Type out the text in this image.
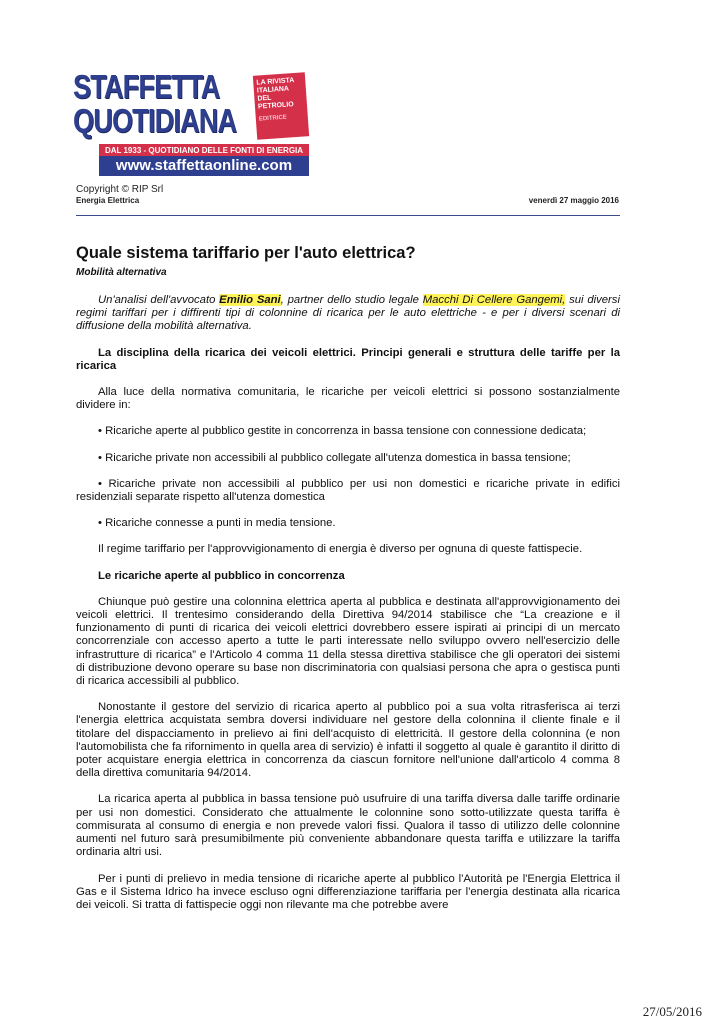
STAFFETTA
QUOTIDIANA
LA RIVISTA ITALIANA DEL PETROLIO
EDITRICE
DAL 1933 - QUOTIDIANO DELLE FONTI DI ENERGIA
www.staffettaonline.com
Copyright © RIP Srl
Energia Elettrica	venerdì 27 maggio 2016
Quale sistema tariffario per l'auto elettrica?
Mobilità alternativa

Un'analisi dell'avvocato Emilio Sani, partner dello studio legale Macchi Di Cellere Gangemi, sui diversi regimi tariffari per i diffirenti tipi di colonnine di ricarica per le auto elettriche - e per i diversi scenari di diffusione della mobilità alternativa.

La disciplina della ricarica dei veicoli elettrici. Principi generali e struttura delle tariffe per la ricarica

Alla luce della normativa comunitaria, le ricariche per veicoli elettrici si possono sostanzialmente dividere in:

• Ricariche aperte al pubblico gestite in concorrenza in bassa tensione con connessione dedicata;

• Ricariche private non accessibili al pubblico collegate all'utenza domestica in bassa tensione;

• Ricariche private non accessibili al pubblico per usi non domestici e ricariche private in edifici residenziali separate rispetto all'utenza domestica

• Ricariche connesse a punti in media tensione.

Il regime tariffario per l'approvvigionamento di energia è diverso per ognuna di queste fattispecie.

Le ricariche aperte al pubblico in concorrenza

Chiunque può gestire una colonnina elettrica aperta al pubblica e destinata all'approvvigionamento dei veicoli elettrici. Il trentesimo considerando della Direttiva 94/2014 stabilisce che “La creazione e il funzionamento di punti di ricarica dei veicoli elettrici dovrebbero essere ispirati ai principi di un mercato concorrenziale con accesso aperto a tutte le parti interessate nello sviluppo ovvero nell'esercizio delle infrastrutture di ricarica” e l'Articolo 4 comma 11 della stessa direttiva stabilisce che gli operatori dei sistemi di distribuzione devono operare su base non discriminatoria con qualsiasi persona che apra o gestisca punti di ricarica accessibili al pubblico.

Nonostante il gestore del servizio di ricarica aperto al pubblico poi a sua volta ritrasferisca ai terzi l'energia elettrica acquistata sembra doversi individuare nel gestore della colonnina il cliente finale e il titolare del dispacciamento in prelievo ai fini dell'acquisto di elettricità. Il gestore della colonnina (e non l'automobilista che fa rifornimento in quella area di servizio) è infatti il soggetto al quale è garantito il diritto di poter acquistare energia elettrica in concorrenza da ciascun fornitore nell'unione dall'articolo 4 comma 8 della direttiva comunitaria 94/2014.

La ricarica aperta al pubblica in bassa tensione può usufruire di una tariffa diversa dalle tariffe ordinarie per usi non domestici. Considerato che attualmente le colonnine sono sotto-utilizzate questa tariffa è commisurata al consumo di energia e non prevede valori fissi. Qualora il tasso di utilizzo delle colonnine aumenti nel futuro sarà presumibilmente più conveniente abbandonare questa tariffa e utilizzare la tariffa ordinaria altri usi.

Per i punti di prelievo in media tensione di ricariche aperte al pubblico l'Autorità pe l'Energia Elettrica il Gas e il Sistema Idrico ha invece escluso ogni differenziazione tariffaria per l'energia destinata alla ricarica dei veicoli. Si tratta di fattispecie oggi non rilevante ma che potrebbe avere

27/05/2016
